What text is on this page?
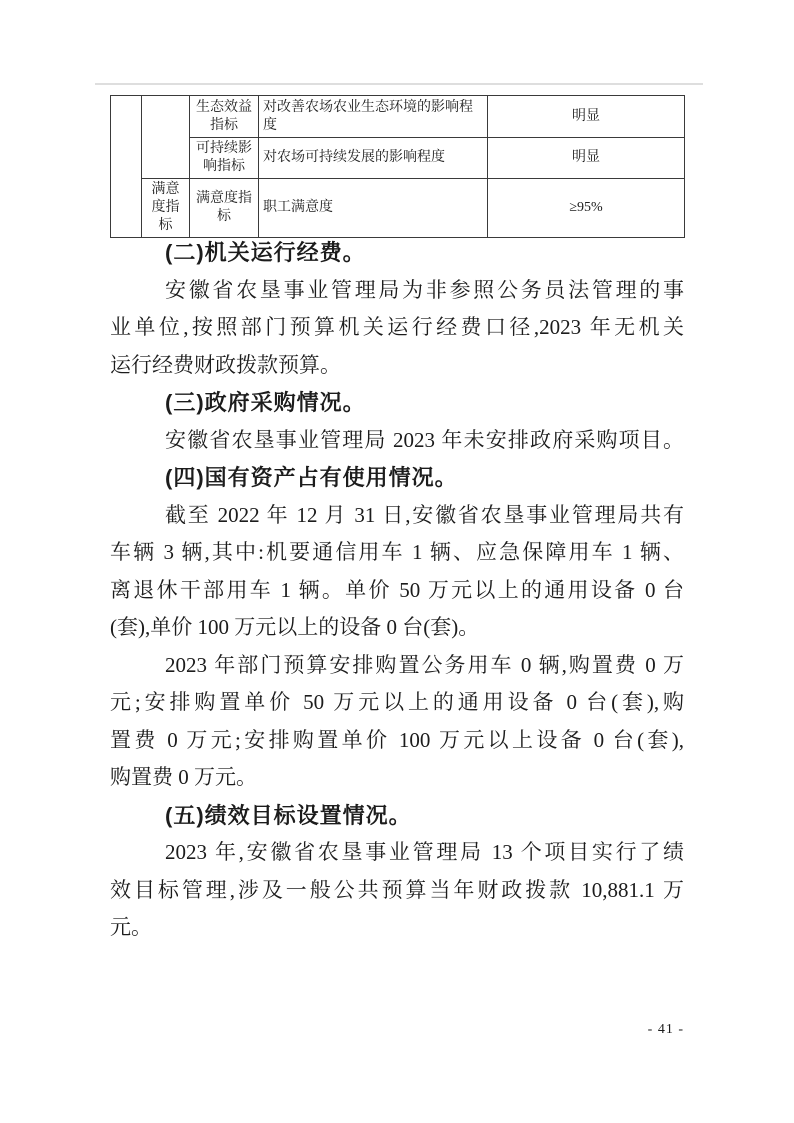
		生态效益指标	对改善农场农业生态环境的影响程度	明显
		可持续影响指标	对农场可持续发展的影响程度	明显
	满意度指标	满意度指标	职工满意度	≥95%
(二)机关运行经费。
安徽省农垦事业管理局为非参照公务员法管理的事
业单位,按照部门预算机关运行经费口径,2023 年无机关
运行经费财政拨款预算。
(三)政府采购情况。
安徽省农垦事业管理局 2023 年未安排政府采购项目。
(四)国有资产占有使用情况。
截至 2022 年 12 月 31 日,安徽省农垦事业管理局共有
车辆 3 辆,其中:机要通信用车 1 辆、应急保障用车 1 辆、
离退休干部用车 1 辆。单价 50 万元以上的通用设备 0 台
(套),单价 100 万元以上的设备 0 台(套)。
2023 年部门预算安排购置公务用车 0 辆,购置费 0 万
元;安排购置单价 50 万元以上的通用设备 0 台(套),购
置费 0 万元;安排购置单价 100 万元以上设备 0 台(套),
购置费 0 万元。
(五)绩效目标设置情况。
2023 年,安徽省农垦事业管理局 13 个项目实行了绩
效目标管理,涉及一般公共预算当年财政拨款 10,881.1 万
元。
- 41 -
